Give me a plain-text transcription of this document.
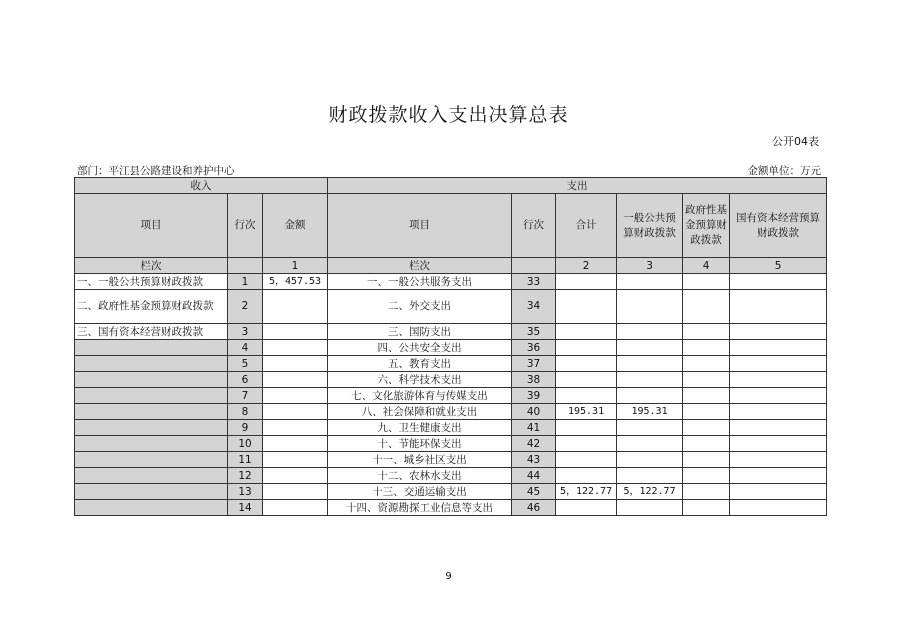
财政拨款收入支出决算总表
公开04表
部门：平江县公路建设和养护中心	金额单位：万元
收入			支出					
项目	行次	金额	项目	行次	合计	一般公共预算财政拨款	政府性基金预算财政拨款	国有资本经营预算财政拨款
栏次		1	栏次		2	3	4	5
一、一般公共预算财政拨款	1	5，457.53	一、一般公共服务支出	33				
二、政府性基金预算财政拨款	2		二、外交支出	34				
三、国有资本经营财政拨款	3		三、国防支出	35				
	4		四、公共安全支出	36				
	5		五、教育支出	37				
	6		六、科学技术支出	38				
	7		七、文化旅游体育与传媒支出	39				
	8		八、社会保障和就业支出	40	195.31	195.31		
	9		九、卫生健康支出	41				
	10		十、节能环保支出	42				
	11		十一、城乡社区支出	43				
	12		十二、农林水支出	44				
	13		十三、交通运输支出	45	5，122.77	5，122.77		
	14		十四、资源勘探工业信息等支出	46				
9
